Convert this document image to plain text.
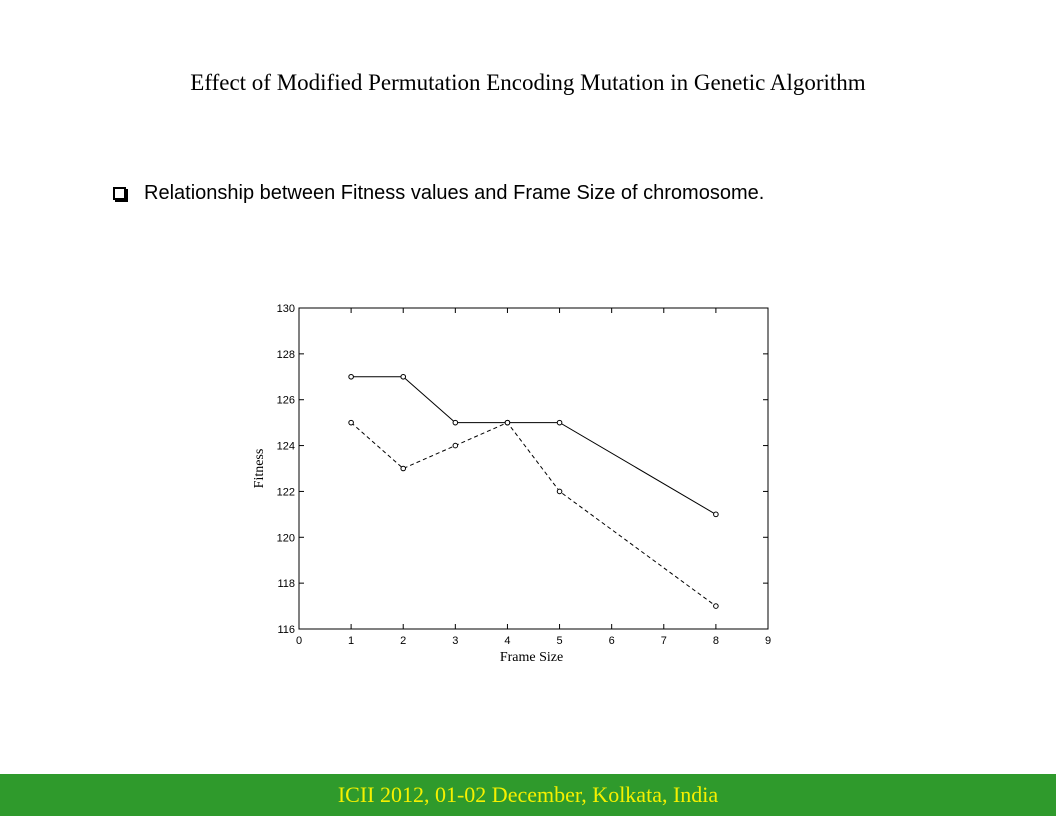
Effect of Modified Permutation Encoding Mutation in Genetic Algorithm
Relationship between Fitness values and Frame Size of chromosome.
0	1	2	3	4	5	6	7	8	9
116
118
120
122
124
126
128
130
Frame Size
Fitness
ICII 2012, 01-02 December, Kolkata, India
